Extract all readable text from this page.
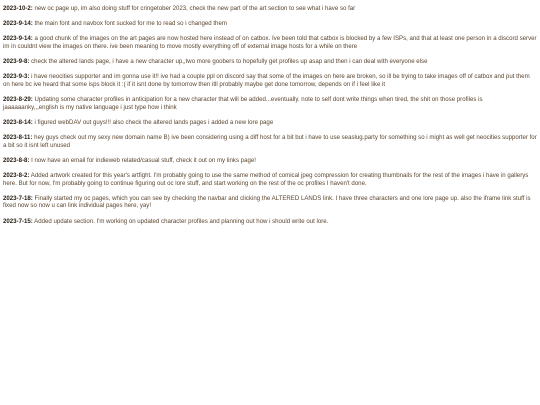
2023-10-2: new oc page up, im also doing stuff for cringetober 2023, check the new part of the art section to see what i have so far

2023-9-14: the main font and navbox font sucked for me to read so i changed them

2023-9-14: a good chunk of the images on the art pages are now hosted here instead of on catbox. Ive been told that catbox is blocked by a few ISPs, and that at least one person in a discord server im in couldnt view the images on there. ive been meaning to move mostly everything off of external image hosts for a while on there

2023-9-8: check the altered lands page, i have a new character up,,two more goobers to hopefully get profiles up asap and then i can deal with everyone else

2023-9-3: i have neocities supporter and im gonna use it!! ive had a couple ppl on discord say that some of the images on here are broken, so ill be trying to take images off of catbox and put them on here bc ive heard that some isps block it :( if it isnt done by tomorrow then itll probably maybe get done tomorrow, depends on if i feel like it

2023-8-29: Updating some character profiles in anticipation for a new character that will be added...eventually. note to self dont write things when tired, the shit on those profiles is jaaaaaanky,,,english is my native language i just type how i think

2023-8-14: i figured webDAV out guys!!! also check the altered lands pages i added a new lore page

2023-8-11: hey guys check out my sexy new domain name B) ive been considering using a diff host for a bit but i have to use seaslug.party for something so i might as well get neocities supporter for a bit so it isnt left unused

2023-8-8: I now have an email for indieweb related/casual stuff, check it out on my links page!

2023-8-2: Added artwork created for this year's artfight. I'm probably going to use the same method of comical jpeg compression for creating thumbnails for the rest of the images i have in gallerys here. But for now, I'm probably going to continue figuring out oc lore stuff, and start working on the rest of the oc profiles I haven't done.

2023-7-18: Finally started my oc pages, which you can see by checking the navbar and clicking the ALTERED LANDS link. I have three characters and one lore page up. also the iframe link stuff is fixed now so now u can link individual pages here, yay!

2023-7-15: Added update section. I'm working on updated character profiles and planning out how i should write out lore.
